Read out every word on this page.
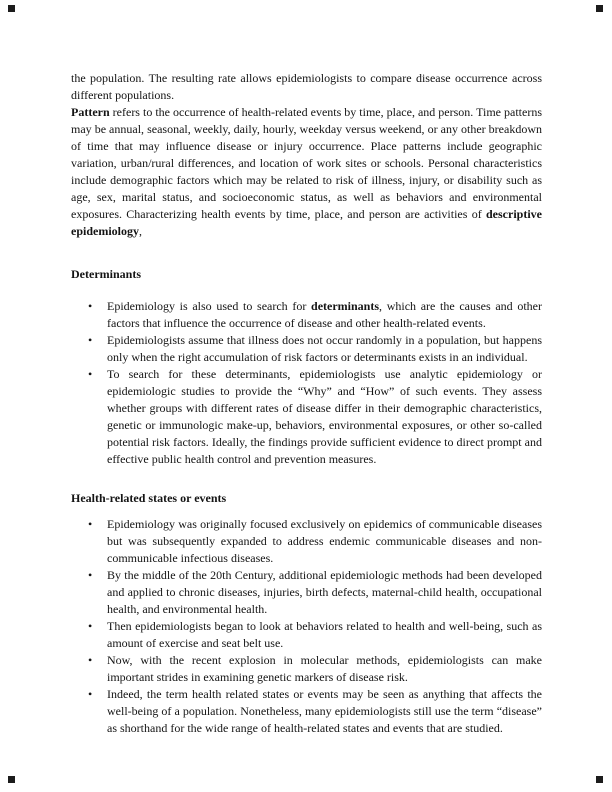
the population. The resulting rate allows epidemiologists to compare disease occurrence across different populations.

Pattern refers to the occurrence of health-related events by time, place, and person. Time patterns may be annual, seasonal, weekly, daily, hourly, weekday versus weekend, or any other breakdown of time that may influence disease or injury occurrence. Place patterns include geographic variation, urban/rural differences, and location of work sites or schools. Personal characteristics include demographic factors which may be related to risk of illness, injury, or disability such as age, sex, marital status, and socioeconomic status, as well as behaviors and environmental exposures. Characterizing health events by time, place, and person are activities of descriptive epidemiology,

Determinants
• Epidemiology is also used to search for determinants, which are the causes and other factors that influence the occurrence of disease and other health-related events.
• Epidemiologists assume that illness does not occur randomly in a population, but happens only when the right accumulation of risk factors or determinants exists in an individual.
• To search for these determinants, epidemiologists use analytic epidemiology or epidemiologic studies to provide the “Why” and “How” of such events. They assess whether groups with different rates of disease differ in their demographic characteristics, genetic or immunologic make-up, behaviors, environmental exposures, or other so-called potential risk factors. Ideally, the findings provide sufficient evidence to direct prompt and effective public health control and prevention measures.
Health-related states or events
• Epidemiology was originally focused exclusively on epidemics of communicable diseases but was subsequently expanded to address endemic communicable diseases and non-communicable infectious diseases.
• By the middle of the 20th Century, additional epidemiologic methods had been developed and applied to chronic diseases, injuries, birth defects, maternal-child health, occupational health, and environmental health.
• Then epidemiologists began to look at behaviors related to health and well-being, such as amount of exercise and seat belt use.
• Now, with the recent explosion in molecular methods, epidemiologists can make important strides in examining genetic markers of disease risk.
• Indeed, the term health related states or events may be seen as anything that affects the well-being of a population. Nonetheless, many epidemiologists still use the term “disease” as shorthand for the wide range of health-related states and events that are studied.
